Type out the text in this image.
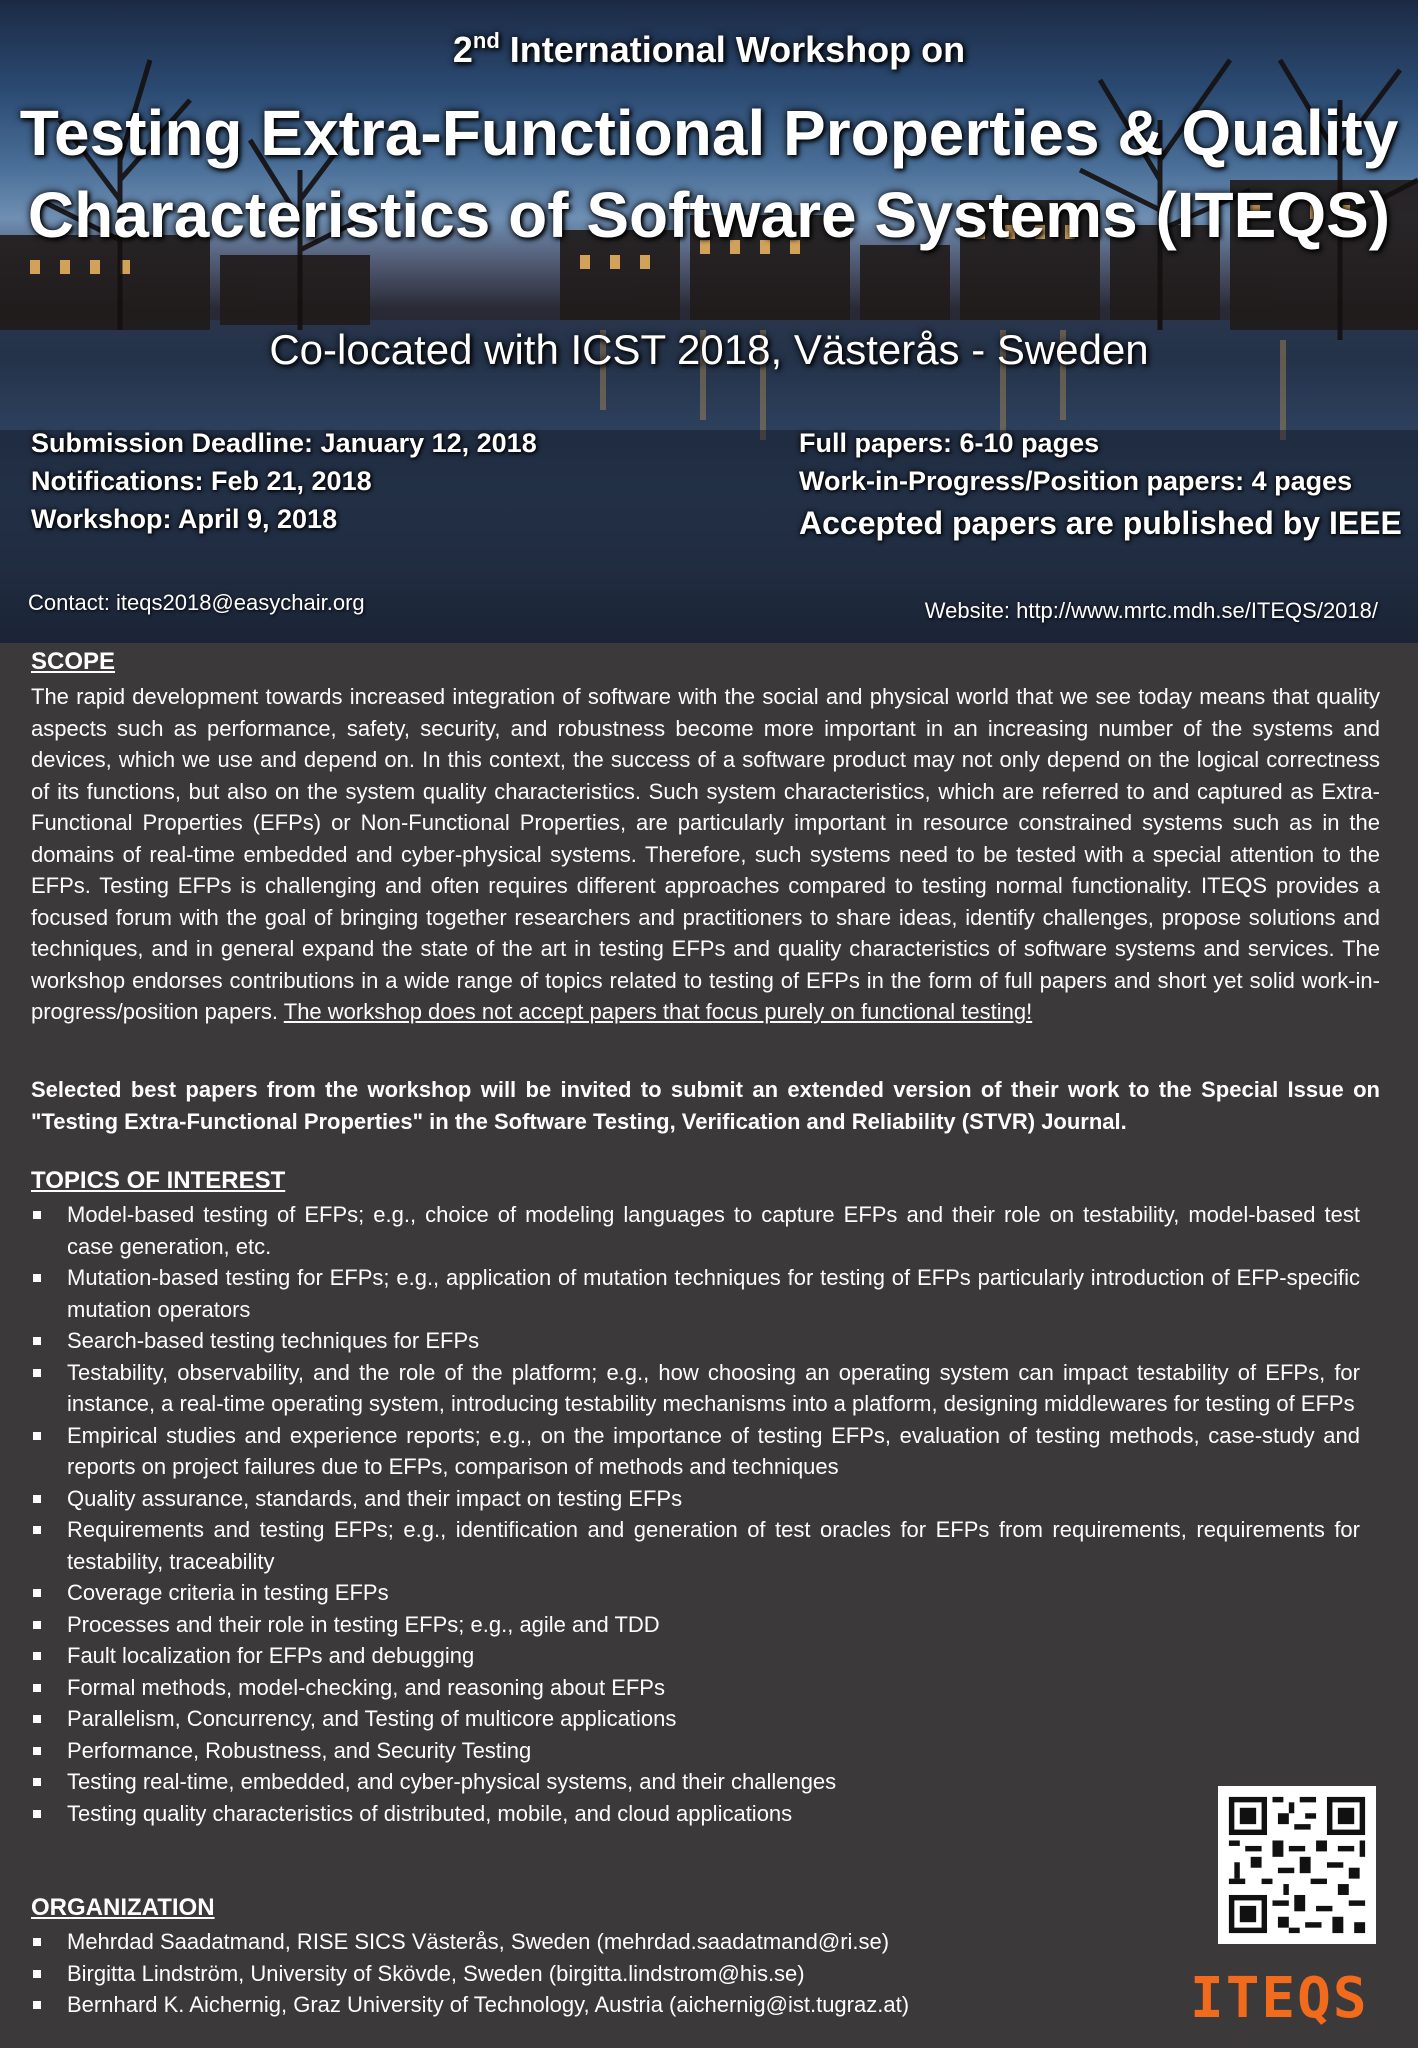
2nd International Workshop on
Testing Extra-Functional Properties & Quality
Characteristics of Software Systems (ITEQS)
Co-located with ICST 2018, Västerås - Sweden
Submission Deadline: January 12, 2018
Notifications: Feb 21, 2018
Workshop: April 9, 2018
Full papers: 6-10 pages
Work-in-Progress/Position papers: 4 pages
Accepted papers are published by IEEE
Contact: iteqs2018@easychair.org	Website: http://www.mrtc.mdh.se/ITEQS/2018/
SCOPE
The rapid development towards increased integration of software with the social and physical world that we see today means that quality aspects such as performance, safety, security, and robustness become more important in an increasing number of the systems and devices, which we use and depend on. In this context, the success of a software product may not only depend on the logical correctness of its functions, but also on the system quality characteristics. Such system characteristics, which are referred to and captured as Extra-Functional Properties (EFPs) or Non-Functional Properties, are particularly important in resource constrained systems such as in the domains of real-time embedded and cyber-physical systems. Therefore, such systems need to be tested with a special attention to the EFPs. Testing EFPs is challenging and often requires different approaches compared to testing normal functionality. ITEQS provides a focused forum with the goal of bringing together researchers and practitioners to share ideas, identify challenges, propose solutions and techniques, and in general expand the state of the art in testing EFPs and quality characteristics of software systems and services. The workshop endorses contributions in a wide range of topics related to testing of EFPs in the form of full papers and short yet solid work-in-progress/position papers. The workshop does not accept papers that focus purely on functional testing!
Selected best papers from the workshop will be invited to submit an extended version of their work to the Special Issue on "Testing Extra-Functional Properties" in the Software Testing, Verification and Reliability (STVR) Journal.
TOPICS OF INTEREST
Model-based testing of EFPs; e.g., choice of modeling languages to capture EFPs and their role on testability, model-based test case generation, etc.
Mutation-based testing for EFPs; e.g., application of mutation techniques for testing of EFPs particularly introduction of EFP-specific mutation operators
Search-based testing techniques for EFPs
Testability, observability, and the role of the platform; e.g., how choosing an operating system can impact testability of EFPs, for instance, a real-time operating system, introducing testability mechanisms into a platform, designing middlewares for testing of EFPs
Empirical studies and experience reports; e.g., on the importance of testing EFPs, evaluation of testing methods, case-study and reports on project failures due to EFPs, comparison of methods and techniques
Quality assurance, standards, and their impact on testing EFPs
Requirements and testing EFPs; e.g., identification and generation of test oracles for EFPs from requirements, requirements for testability, traceability
Coverage criteria in testing EFPs
Processes and their role in testing EFPs; e.g., agile and TDD
Fault localization for EFPs and debugging
Formal methods, model-checking, and reasoning about EFPs
Parallelism, Concurrency, and Testing of multicore applications
Performance, Robustness, and Security Testing
Testing real-time, embedded, and cyber-physical systems, and their challenges
Testing quality characteristics of distributed, mobile, and cloud applications
ORGANIZATION
Mehrdad Saadatmand, RISE SICS Västerås, Sweden (mehrdad.saadatmand@ri.se)
Birgitta Lindström, University of Skövde, Sweden (birgitta.lindstrom@his.se)
Bernhard K. Aichernig, Graz University of Technology, Austria (aichernig@ist.tugraz.at)	ITEQS
